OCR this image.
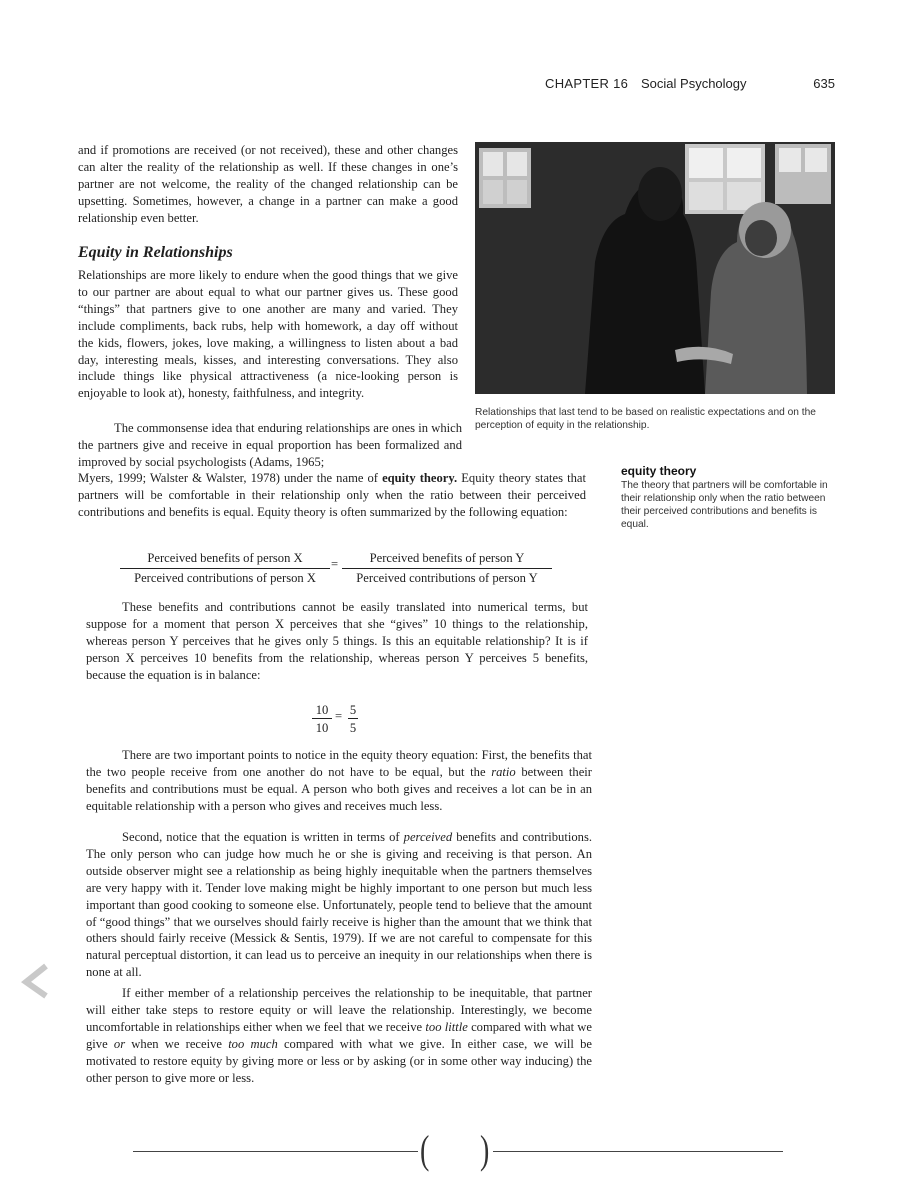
CHAPTER 16 Social Psychology	635

and if promotions are received (or not received), these and other changes can alter the reality of the relationship as well. If these changes in one’s partner are not welcome, the reality of the changed relationship can be upsetting. Sometimes, however, a change in a partner can make a good relationship even better.

Equity in Relationships

Relationships are more likely to endure when the good things that we give to our partner are about equal to what our partner gives us. These good “things” that partners give to one another are many and varied. They include compliments, back rubs, help with homework, a day off without the kids, flowers, jokes, love making, a willingness to listen about a bad day, interesting meals, kisses, and interesting conversations. They also include things like physical attractiveness (a nice-looking person is enjoyable to look at), honesty, faithfulness, and integrity.

The commonsense idea that enduring relationships are ones in which the partners give and receive in equal proportion has been formalized and improved by social psychologists (Adams, 1965;

Myers, 1999; Walster & Walster, 1978) under the name of equity theory. Equity theory states that partners will be comfortable in their relationship only when the ratio between their perceived contributions and benefits is equal. Equity theory is often summarized by the following equation:

Relationships that last tend to be based on realistic expectations and on the perception of equity in the relationship.
equity theory
The theory that partners will be comfortable in their relationship only when the ratio between their perceived contributions and benefits is equal.
Perceived benefits of person X
Perceived contributions of person X
=	Perceived benefits of person Y
Perceived contributions of person Y

These benefits and contributions cannot be easily translated into numerical terms, but suppose for a moment that person X perceives that she “gives” 10 things to the relationship, whereas person Y perceives that he gives only 5 things. Is this an equitable relationship? It is if person X perceives 10 benefits from the relationship, whereas person Y perceives 5 benefits, because the equation is in balance:

$\frac{10}{10} = \frac{5}{5}$

There are two important points to notice in the equity theory equation: First, the benefits that the two people receive from one another do not have to be equal, but the ratio between their benefits and contributions must be equal. A person who both gives and receives a lot can be in an equitable relationship with a person who gives and receives much less.

Second, notice that the equation is written in terms of perceived benefits and contributions. The only person who can judge how much he or she is giving and receiving is that person. An outside observer might see a relationship as being highly inequitable when the partners themselves are very happy with it. Tender love making might be highly important to one person but much less important than good cooking to someone else. Unfortunately, people tend to believe that the amount of “good things” that we ourselves should fairly receive is higher than the amount that we think that others should fairly receive (Messick & Sentis, 1979). If we are not careful to compensate for this natural perceptual distortion, it can lead us to perceive an inequity in our relationships when there is none at all.

If either member of a relationship perceives the relationship to be inequitable, that partner will either take steps to restore equity or will leave the relationship. Interestingly, we become uncomfortable in relationships either when we feel that we receive too little compared with what we give or when we receive too much compared with what we give. In either case, we will be motivated to restore equity by giving more or less or by asking (or in some other way inducing) the other person to give more or less.

( )
